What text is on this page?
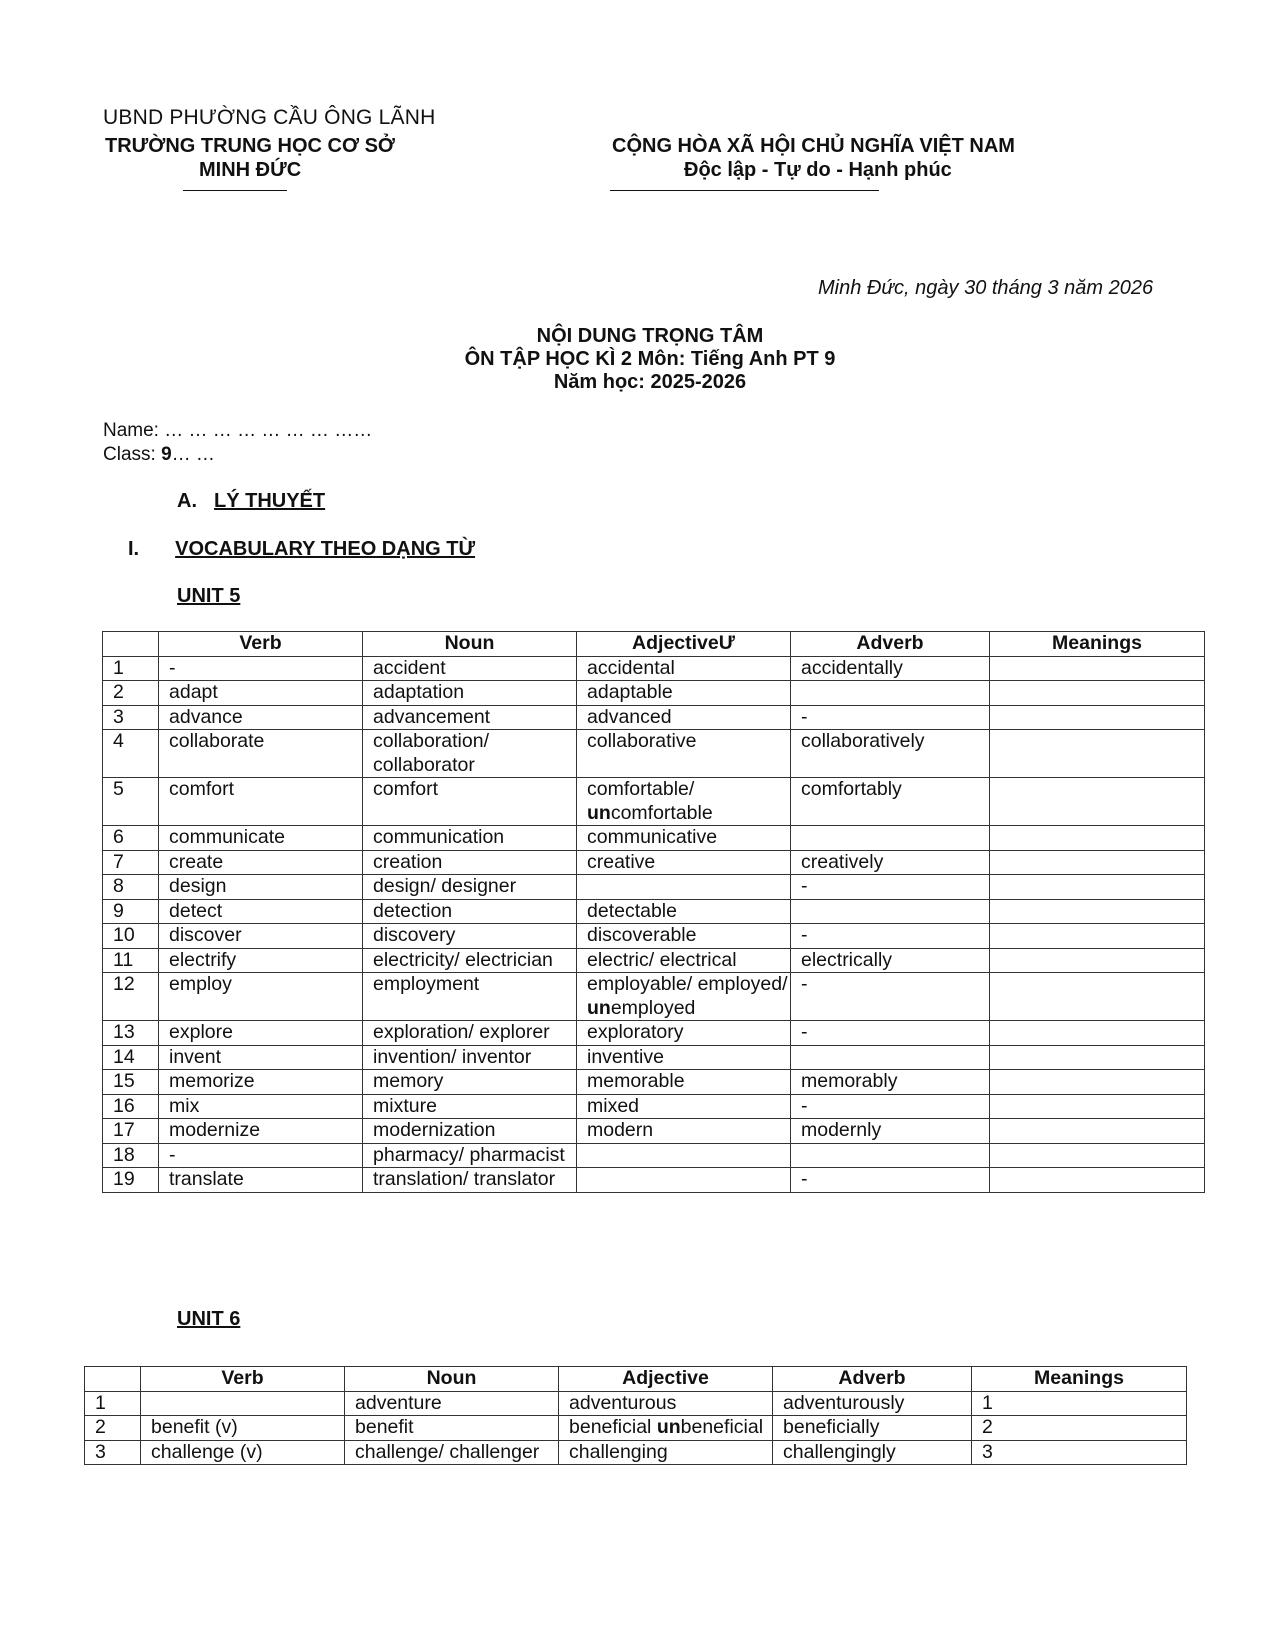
UBND PHƯỜNG CẦU ÔNG LÃNH
TRƯỜNG TRUNG HỌC CƠ SỞ
MINH ĐỨC
CỘNG HÒA XÃ HỘI CHỦ NGHĨA VIỆT NAM
Độc lập - Tự do - Hạnh phúc
Minh Đức, ngày 30 tháng 3 năm 2026
NỘI DUNG TRỌNG TÂM
ÔN TẬP HỌC KÌ 2 Môn: Tiếng Anh PT 9
Năm học: 2025-2026
Name: … … … … … … … ……
Class: 9… …
A. LÝ THUYẾT
I. VOCABULARY THEO DẠNG TỪ
UNIT 5
	Verb	Noun	AdjectiveƯ	Adverb	Meanings
1	-	accident	accidental	accidentally	
2	adapt	adaptation	adaptable		
3	advance	advancement	advanced	-	
4	collaborate	collaboration/ collaborator	collaborative	collaboratively	
5	comfort	comfort	comfortable/ uncomfortable	comfortably	
6	communicate	communication	communicative		
7	create	creation	creative	creatively	
8	design	design/ designer		-	
9	detect	detection	detectable		
10	discover	discovery	discoverable	-	
11	electrify	electricity/ electrician	electric/ electrical	electrically	
12	employ	employment	employable/ employed/ unemployed	-	
13	explore	exploration/ explorer	exploratory	-	
14	invent	invention/ inventor	inventive		
15	memorize	memory	memorable	memorably	
16	mix	mixture	mixed	-	
17	modernize	modernization	modern	modernly	
18	-	pharmacy/ pharmacist			
19	translate	translation/ translator		-	
UNIT 6
	Verb	Noun	Adjective	Adverb	Meanings
1		adventure	adventurous	adventurously	1
2	benefit (v)	benefit	beneficial unbeneficial	beneficially	2
3	challenge (v)	challenge/ challenger	challenging	challengingly	3
